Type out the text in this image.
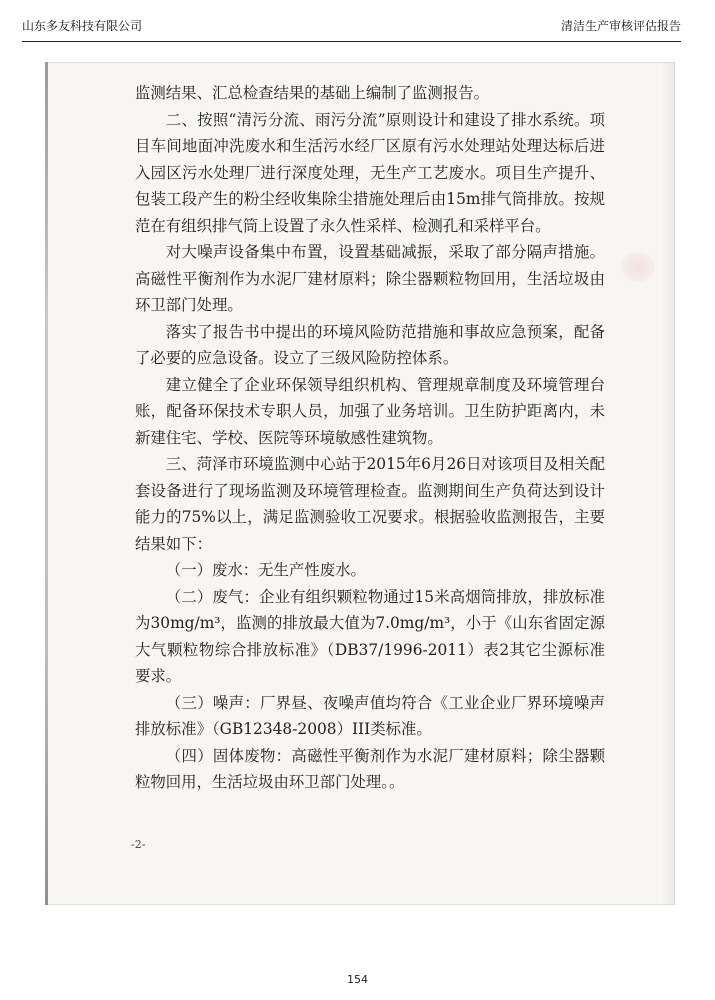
山东多友科技有限公司	清洁生产审核评估报告

监测结果、汇总检查结果的基础上编制了监测报告。

二、按照“清污分流、雨污分流”原则设计和建设了排水系统。项目车间地面冲洗废水和生活污水经厂区原有污水处理站处理达标后进入园区污水处理厂进行深度处理，无生产工艺废水。项目生产提升、包装工段产生的粉尘经收集除尘措施处理后由15m排气筒排放。按规范在有组织排气筒上设置了永久性采样、检测孔和采样平台。

对大噪声设备集中布置，设置基础减振，采取了部分隔声措施。高磁性平衡剂作为水泥厂建材原料；除尘器颗粒物回用，生活垃圾由环卫部门处理。

落实了报告书中提出的环境风险防范措施和事故应急预案，配备了必要的应急设备。设立了三级风险防控体系。

建立健全了企业环保领导组织机构、管理规章制度及环境管理台账，配备环保技术专职人员，加强了业务培训。卫生防护距离内，未新建住宅、学校、医院等环境敏感性建筑物。

三、菏泽市环境监测中心站于2015年6月26日对该项目及相关配套设备进行了现场监测及环境管理检查。监测期间生产负荷达到设计能力的75%以上，满足监测验收工况要求。根据验收监测报告，主要结果如下：

（一）废水：无生产性废水。

（二）废气：企业有组织颗粒物通过15米高烟筒排放，排放标准为30mg/m³，监测的排放最大值为7.0mg/m³，小于《山东省固定源大气颗粒物综合排放标准》（DB37/1996-2011）表2其它尘源标准要求。

（三）噪声：厂界昼、夜噪声值均符合《工业企业厂界环境噪声排放标准》（GB12348-2008）III类标准。

（四）固体废物：高磁性平衡剂作为水泥厂建材原料；除尘器颗粒物回用，生活垃圾由环卫部门处理。。

-2-
154
